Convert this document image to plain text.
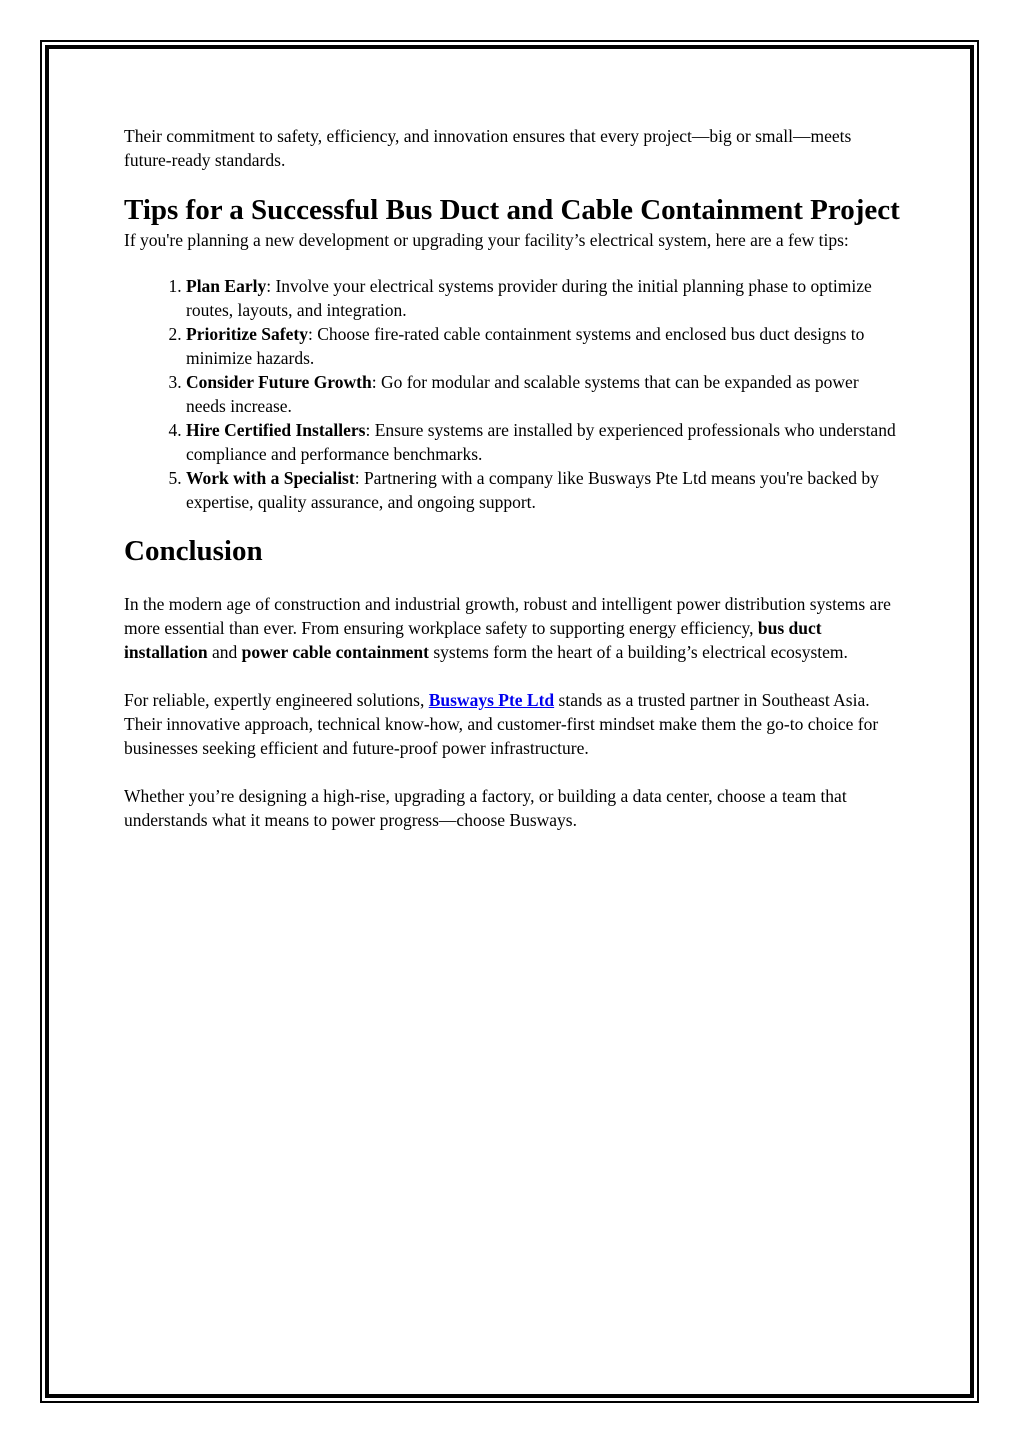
Their commitment to safety, efficiency, and innovation ensures that every project—big or small—meets future-ready standards.

Tips for a Successful Bus Duct and Cable Containment Project

If you're planning a new development or upgrading your facility’s electrical system, here are a few tips:

1. Plan Early: Involve your electrical systems provider during the initial planning phase to optimize routes, layouts, and integration.
2. Prioritize Safety: Choose fire-rated cable containment systems and enclosed bus duct designs to minimize hazards.
3. Consider Future Growth: Go for modular and scalable systems that can be expanded as power needs increase.
4. Hire Certified Installers: Ensure systems are installed by experienced professionals who understand compliance and performance benchmarks.
5. Work with a Specialist: Partnering with a company like Busways Pte Ltd means you're backed by expertise, quality assurance, and ongoing support.
Conclusion

In the modern age of construction and industrial growth, robust and intelligent power distribution systems are more essential than ever. From ensuring workplace safety to supporting energy efficiency, bus duct installation and power cable containment systems form the heart of a building’s electrical ecosystem.

For reliable, expertly engineered solutions, Busways Pte Ltd stands as a trusted partner in Southeast Asia. Their innovative approach, technical know-how, and customer-first mindset make them the go-to choice for businesses seeking efficient and future-proof power infrastructure.

Whether you’re designing a high-rise, upgrading a factory, or building a data center, choose a team that understands what it means to power progress—choose Busways.
